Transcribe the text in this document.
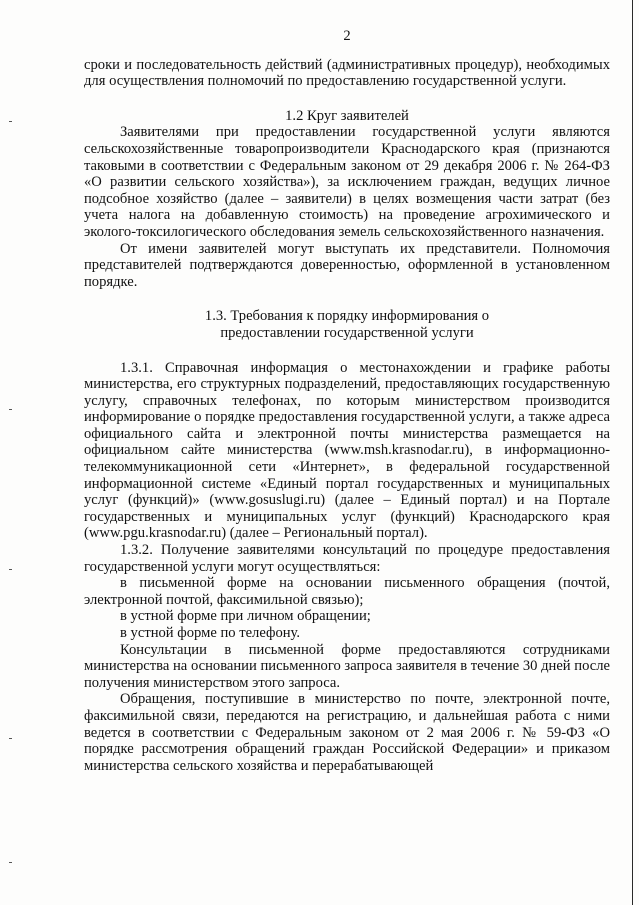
2

сроки и последовательность действий (административных процедур), необходимых для осуществления полномочий по предоставлению государственной услуги.

1.2 Круг заявителей

Заявителями при предоставлении государственной услуги являются сельскохозяйственные товаропроизводители Краснодарского края (признаются таковыми в соответствии с Федеральным законом от 29 декабря 2006 г. № 264-ФЗ «О развитии сельского хозяйства»), за исключением граждан, ведущих личное подсобное хозяйство (далее – заявители) в целях возмещения части затрат (без учета налога на добавленную стоимость) на проведение агрохимического и эколого-токсилогического обследования земель сельскохозяйственного назначения.

От имени заявителей могут выступать их представители. Полномочия представителей подтверждаются доверенностью, оформленной в установленном порядке.

1.3. Требования к порядку информирования о
предоставлении государственной услуги

1.3.1. Справочная информация о местонахождении и графике работы министерства, его структурных подразделений, предоставляющих государственную услугу, справочных телефонах, по которым министерством производится информирование о порядке предоставления государственной услуги, а также адреса официального сайта и электронной почты министерства размещается на официальном сайте министерства (www.msh.krasnodar.ru), в информационно-телекоммуникационной сети «Интернет», в федеральной государственной информационной системе «Единый портал государственных и муниципальных услуг (функций)» (www.gosuslugi.ru) (далее – Единый портал) и на Портале государственных и муниципальных услуг (функций) Краснодарского края (www.pgu.krasnodar.ru) (далее – Региональный портал).

1.3.2. Получение заявителями консультаций по процедуре предоставления государственной услуги могут осуществляться:

в письменной форме на основании письменного обращения (почтой, электронной почтой, факсимильной связью);

в устной форме при личном обращении;

в устной форме по телефону.

Консультации в письменной форме предоставляются сотрудниками министерства на основании письменного запроса заявителя в течение 30 дней после получения министерством этого запроса.

Обращения, поступившие в министерство по почте, электронной почте, факсимильной связи, передаются на регистрацию, и дальнейшая работа с ними ведется в соответствии с Федеральным законом от 2 мая 2006 г. № 59-ФЗ «О порядке рассмотрения обращений граждан Российской Федерации» и приказом министерства сельского хозяйства и перерабатывающей
